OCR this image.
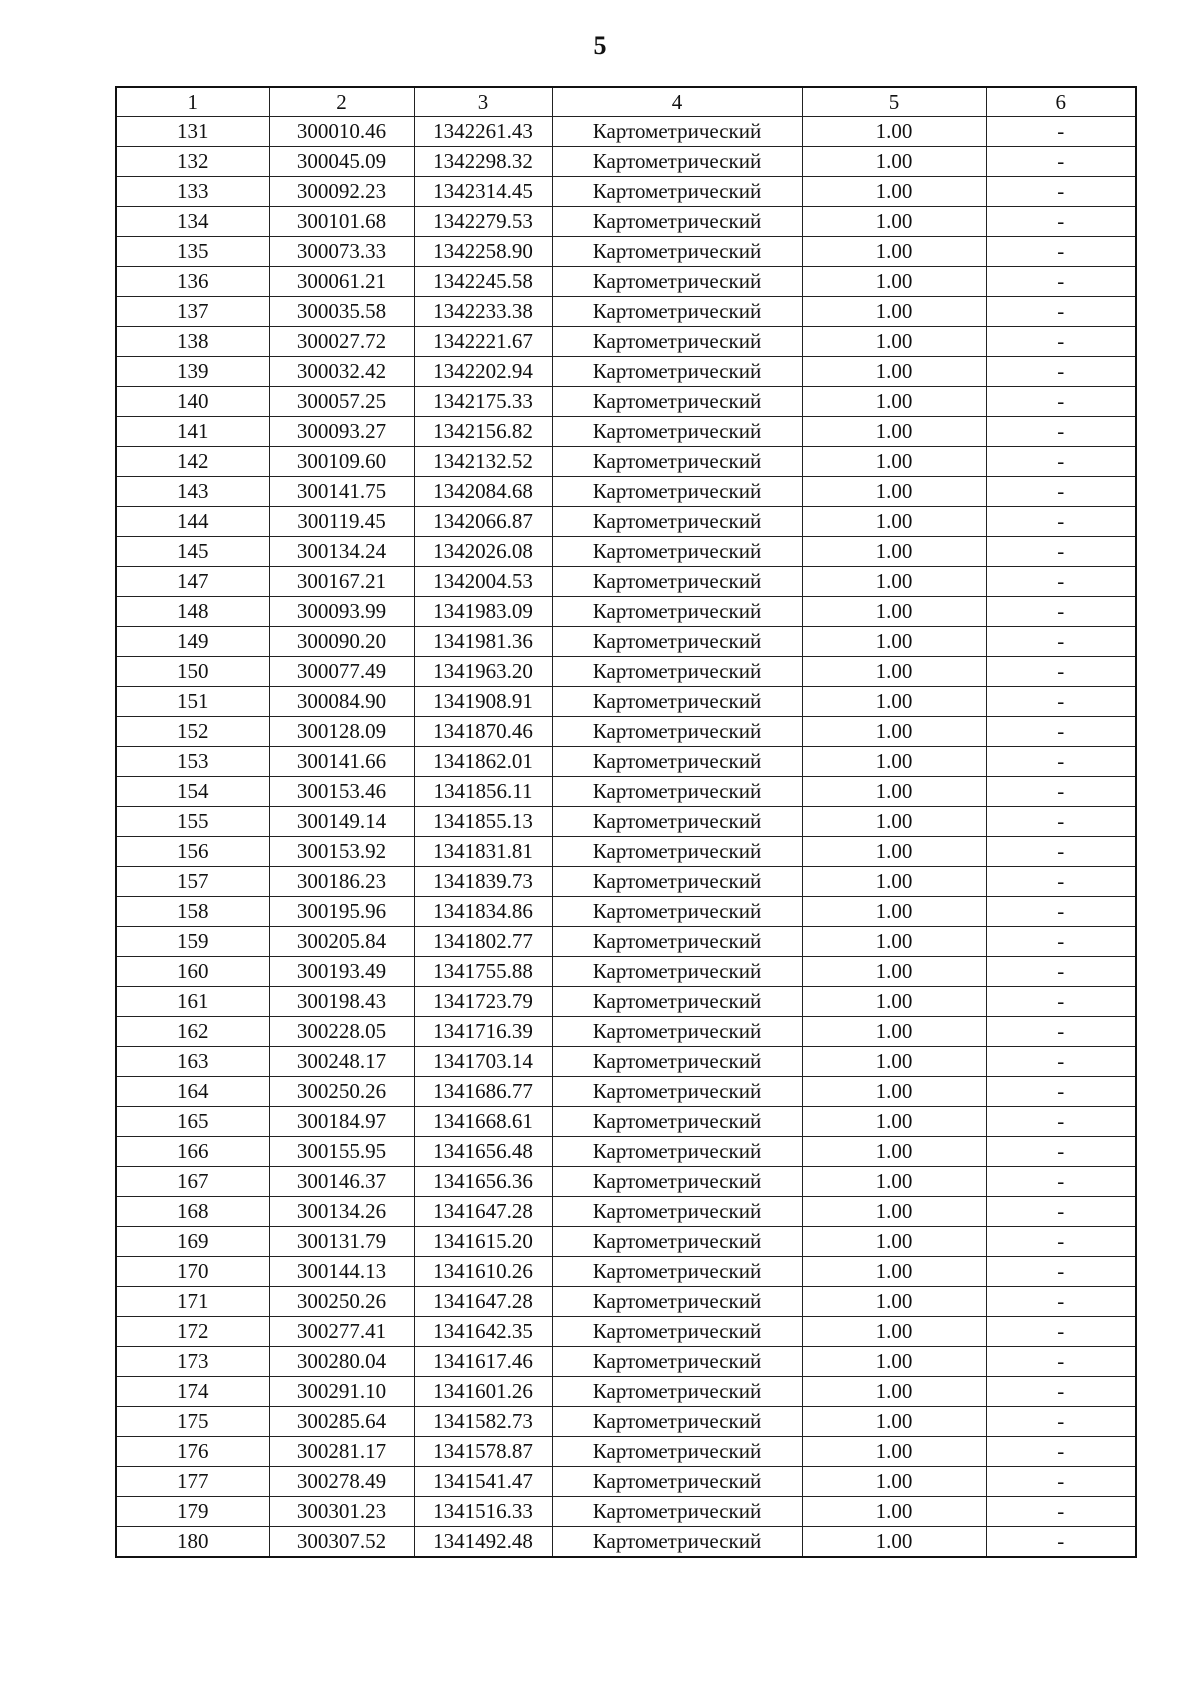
5
1	2	3	4	5	6
131	300010.46	1342261.43	Картометрический	1.00	-
132	300045.09	1342298.32	Картометрический	1.00	-
133	300092.23	1342314.45	Картометрический	1.00	-
134	300101.68	1342279.53	Картометрический	1.00	-
135	300073.33	1342258.90	Картометрический	1.00	-
136	300061.21	1342245.58	Картометрический	1.00	-
137	300035.58	1342233.38	Картометрический	1.00	-
138	300027.72	1342221.67	Картометрический	1.00	-
139	300032.42	1342202.94	Картометрический	1.00	-
140	300057.25	1342175.33	Картометрический	1.00	-
141	300093.27	1342156.82	Картометрический	1.00	-
142	300109.60	1342132.52	Картометрический	1.00	-
143	300141.75	1342084.68	Картометрический	1.00	-
144	300119.45	1342066.87	Картометрический	1.00	-
145	300134.24	1342026.08	Картометрический	1.00	-
147	300167.21	1342004.53	Картометрический	1.00	-
148	300093.99	1341983.09	Картометрический	1.00	-
149	300090.20	1341981.36	Картометрический	1.00	-
150	300077.49	1341963.20	Картометрический	1.00	-
151	300084.90	1341908.91	Картометрический	1.00	-
152	300128.09	1341870.46	Картометрический	1.00	-
153	300141.66	1341862.01	Картометрический	1.00	-
154	300153.46	1341856.11	Картометрический	1.00	-
155	300149.14	1341855.13	Картометрический	1.00	-
156	300153.92	1341831.81	Картометрический	1.00	-
157	300186.23	1341839.73	Картометрический	1.00	-
158	300195.96	1341834.86	Картометрический	1.00	-
159	300205.84	1341802.77	Картометрический	1.00	-
160	300193.49	1341755.88	Картометрический	1.00	-
161	300198.43	1341723.79	Картометрический	1.00	-
162	300228.05	1341716.39	Картометрический	1.00	-
163	300248.17	1341703.14	Картометрический	1.00	-
164	300250.26	1341686.77	Картометрический	1.00	-
165	300184.97	1341668.61	Картометрический	1.00	-
166	300155.95	1341656.48	Картометрический	1.00	-
167	300146.37	1341656.36	Картометрический	1.00	-
168	300134.26	1341647.28	Картометрический	1.00	-
169	300131.79	1341615.20	Картометрический	1.00	-
170	300144.13	1341610.26	Картометрический	1.00	-
171	300250.26	1341647.28	Картометрический	1.00	-
172	300277.41	1341642.35	Картометрический	1.00	-
173	300280.04	1341617.46	Картометрический	1.00	-
174	300291.10	1341601.26	Картометрический	1.00	-
175	300285.64	1341582.73	Картометрический	1.00	-
176	300281.17	1341578.87	Картометрический	1.00	-
177	300278.49	1341541.47	Картометрический	1.00	-
179	300301.23	1341516.33	Картометрический	1.00	-
180	300307.52	1341492.48	Картометрический	1.00	-
